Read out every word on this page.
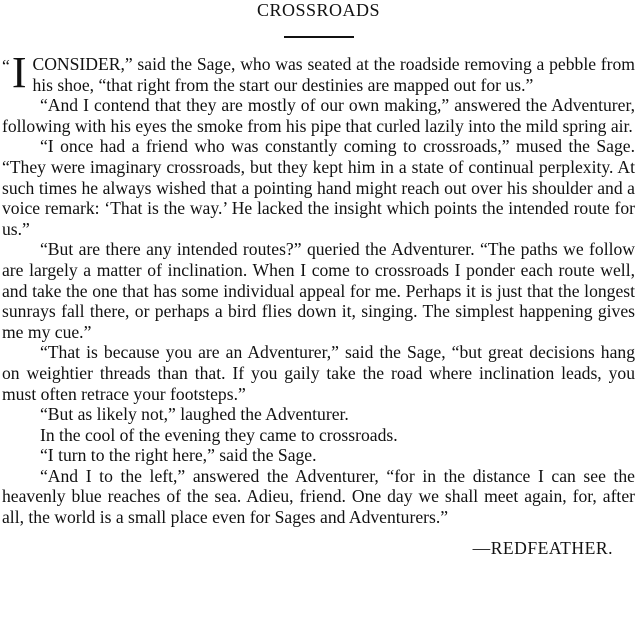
CROSSROADS

“ I CONSIDER,” said the Sage, who was seated at the roadside removing a pebble from his shoe, “that right from the start our destinies are mapped out for us.”

“And I contend that they are mostly of our own making,” answered the Adventurer, following with his eyes the smoke from his pipe that curled lazily into the mild spring air.

“I once had a friend who was constantly coming to crossroads,” mused the Sage. “They were imaginary crossroads, but they kept him in a state of continual perplexity. At such times he always wished that a pointing hand might reach out over his shoulder and a voice remark: ‘That is the way.’ He lacked the insight which points the intended route for us.”

“But are there any intended routes?” queried the Adventurer. “The paths we follow are largely a matter of inclination. When I come to crossroads I ponder each route well, and take the one that has some individual appeal for me. Perhaps it is just that the longest sunrays fall there, or perhaps a bird flies down it, singing. The simplest happening gives me my cue.”

“That is because you are an Adventurer,” said the Sage, “but great decisions hang on weightier threads than that. If you gaily take the road where inclination leads, you must often retrace your footsteps.”

“But as likely not,” laughed the Adventurer.

In the cool of the evening they came to crossroads.

“I turn to the right here,” said the Sage.

“And I to the left,” answered the Adventurer, “for in the distance I can see the heavenly blue reaches of the sea. Adieu, friend. One day we shall meet again, for, after all, the world is a small place even for Sages and Adventurers.”

—REDFEATHER.
